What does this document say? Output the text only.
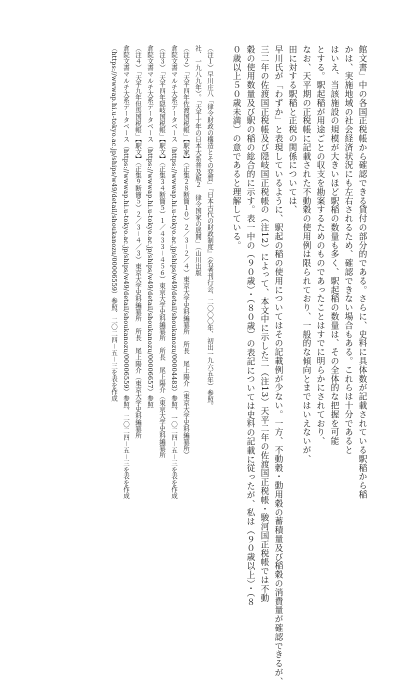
館文書」中の各国正税帳から確認できる貸付の部分的である。さらに、史料に具体数が記載されている駅稲から稲
かは、実施地域の社会経済状況にも左右されるため、確認できない場合もある。これらは十分であると
はいえ、当該施設の規模が大きいほど駅稲の数量も多く、駅起稲の数量は、その全体的な把握を可能
とする。駅起稲が用途ごとの収支を勘案するためのものであったことはすでに明らかにされており、
なお、天平期の正税帳に記載された不動穀の使用例は限られており、一般的な傾向とまではいえないが、
田に対する駅稲と正税の関係については、
早川氏が「わずか」と表現しているように、駅起の稲の使用についてはその記載例が少ない。一方、不動穀・動用穀の蓄積量及び稲穀の消費量が確認できるが、
三二年の佐渡国正税帳及び隠岐国正税帳の（注12）によって、本文中に示した二（注13）天平二年の佐渡国正税帳・駿河国正税帳では不動
穀の使用数量及び駅の稲の総合的に示す。表一中の（９０歳）・（８０歳）の表記については史料の記載に従ったが、私は（９０歳以上）・（８
０歳以上５０歳未満）の意であると理解している。
（注１）早川庄八「律令財政の構造とその変質」『日本古代の財政制度』（名著刊行会、二〇〇〇年、初出一九六五年）参照。
社、一九八九年）。「天平十年の日本大系普及版２　律令国家の展開」（山川出版
（注２）「天平四年佐渡国税帳」【駅家】（正集２８断簡１０）２／３－２／４）東京大学史料編纂所　所長　尾上陽介（東京大学史料編纂所）
倉院文書マルチ大系データベース（https://wwwap.hi.u-tokyo.ac.jp/ships/w49/detail/shoukanozu/00004483）参照、一〇二四－五－三を表を作成
（注３）「天平四年隠岐国税帳」【駅文】（正集３４断簡５）１／４３３－４５６）東京大学史料編纂所　所長　尾上陽介（東京大学史料編纂所
倉院文書マルチ大系データベース（https://wwwap.hi.u-tokyo.ac.jp/ships/w49/detail/shoukanozu/00006657）参照
（注４）「天平九年但馬国税帳」【駅文】（正集９断簡５）２／３－４／３）東京大学史料編纂所　所長　尾上陽介（東京大学史料編纂所
倉院文書マルチ大系データベース（https://wwwap.hi.u-tokyo.ac.jp/ships/w49/detail/shoukanozu/00006559）参照、二〇二四－五－三を表を作成
（https://wwwap.hi.u-tokyo.ac.jp/ships/w49/detail/shoukanozu/00006559）参照、二〇二四－五－三を表を作成
